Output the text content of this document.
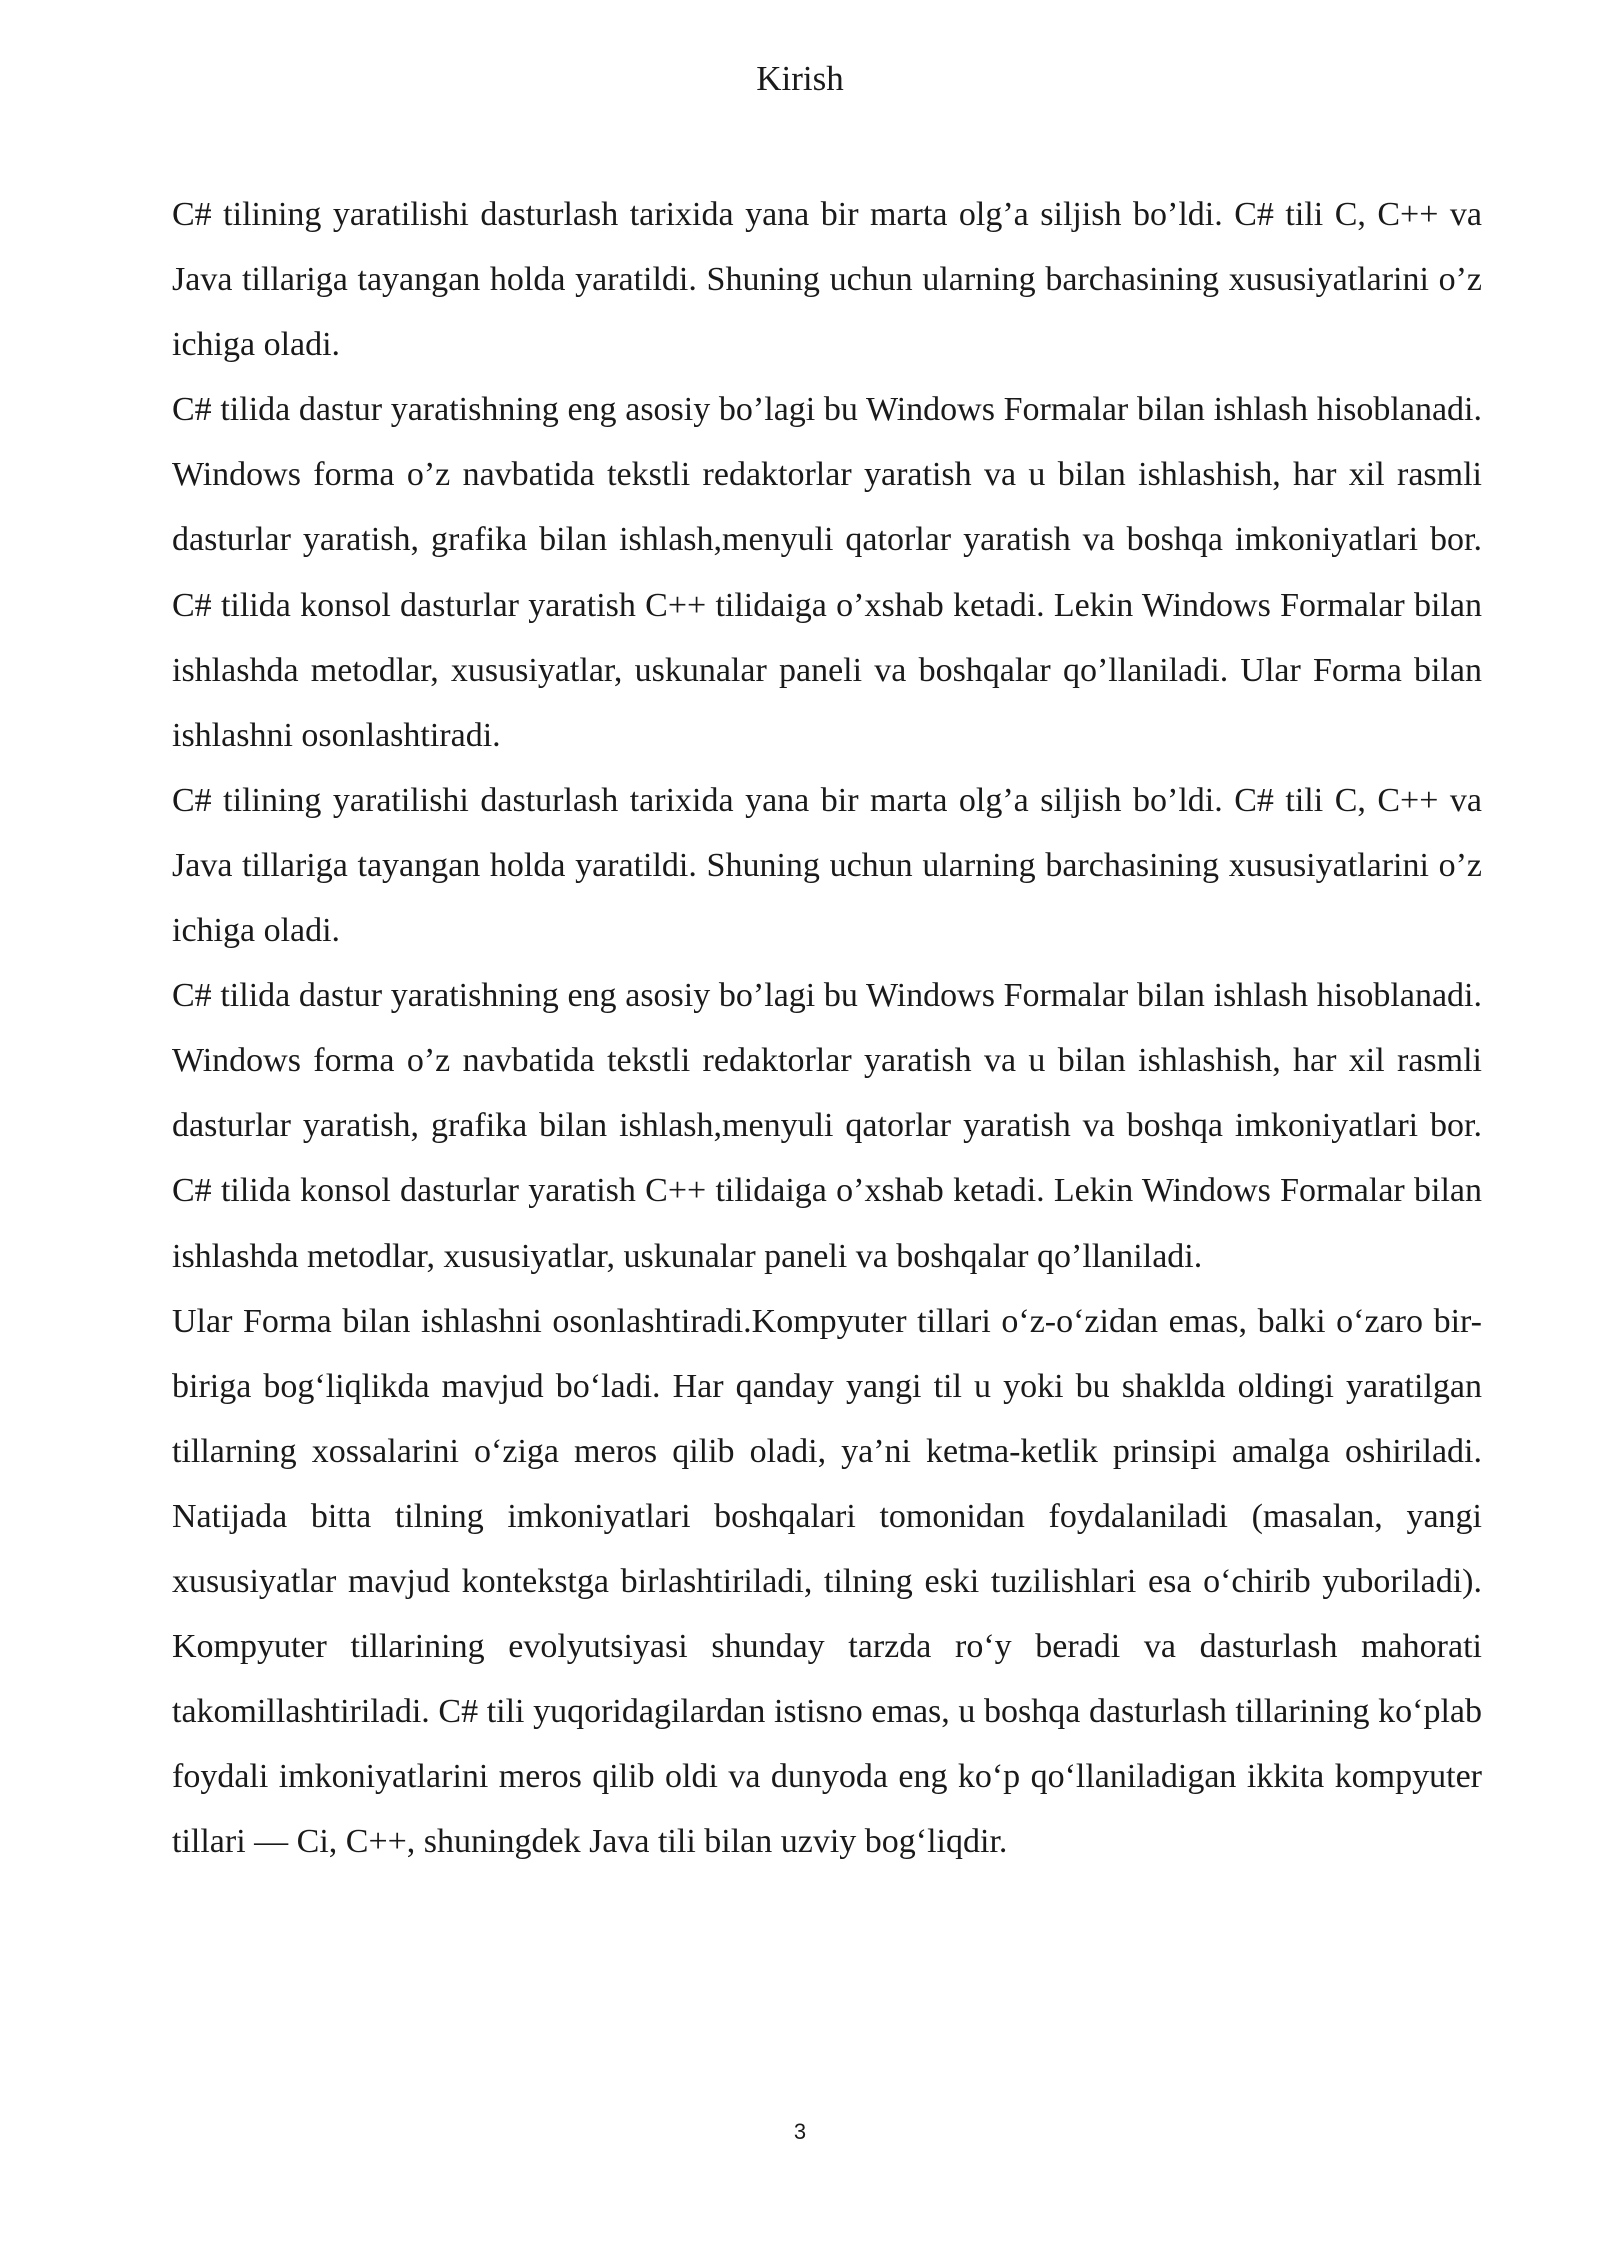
Kirish

C# tilining yaratilishi dasturlash tarixida yana bir marta olg’a siljish bo’ldi. C# tili C, C++ va Java tillariga tayangan holda yaratildi. Shuning uchun ularning barchasining xususiyatlarini o’z ichiga oladi.

C# tilida dastur yaratishning eng asosiy bo’lagi bu Windows Formalar bilan ishlash hisoblanadi. Windows forma o’z navbatida tekstli redaktorlar yaratish va u bilan ishlashish, har xil rasmli dasturlar yaratish, grafika bilan ishlash,menyuli qatorlar yaratish va boshqa imkoniyatlari bor. C# tilida konsol dasturlar yaratish C++ tilidaiga o’xshab ketadi. Lekin Windows Formalar bilan ishlashda metodlar, xususiyatlar, uskunalar paneli va boshqalar qo’llaniladi. Ular Forma bilan ishlashni osonlashtiradi.

C# tilining yaratilishi dasturlash tarixida yana bir marta olg’a siljish bo’ldi. C# tili C, C++ va Java tillariga tayangan holda yaratildi. Shuning uchun ularning barchasining xususiyatlarini o’z ichiga oladi.

C# tilida dastur yaratishning eng asosiy bo’lagi bu Windows Formalar bilan ishlash hisoblanadi. Windows forma o’z navbatida tekstli redaktorlar yaratish va u bilan ishlashish, har xil rasmli dasturlar yaratish, grafika bilan ishlash,menyuli qatorlar yaratish va boshqa imkoniyatlari bor. C# tilida konsol dasturlar yaratish C++ tilidaiga o’xshab ketadi. Lekin Windows Formalar bilan ishlashda metodlar, xususiyatlar, uskunalar paneli va boshqalar qo’llaniladi.

Ular Forma bilan ishlashni osonlashtiradi.Kompyuter tillari o‘z-o‘zidan emas, balki o‘zaro bir-biriga bog‘liqlikda mavjud bo‘ladi. Har qanday yangi til u yoki bu shaklda oldingi yaratilgan tillarning xossalarini o‘ziga meros qilib oladi, ya’ni ketma-ketlik prinsipi amalga oshiriladi. Natijada bitta tilning imkoniyatlari boshqalari tomonidan foydalaniladi (masalan, yangi xususiyatlar mavjud kontekstga birlashtiriladi, tilning eski tuzilishlari esa o‘chirib yuboriladi). Kompyuter tillarining evolyutsiyasi shunday tarzda ro‘y beradi va dasturlash mahorati takomillashtiriladi. C# tili yuqoridagilardan istisno emas, u boshqa dasturlash tillarining ko‘plab foydali imkoniyatlarini meros qilib oldi va dunyoda eng ko‘p qo‘llaniladigan ikkita kompyuter tillari — Ci, C++, shuningdek Java tili bilan uzviy bog‘liqdir.

3
